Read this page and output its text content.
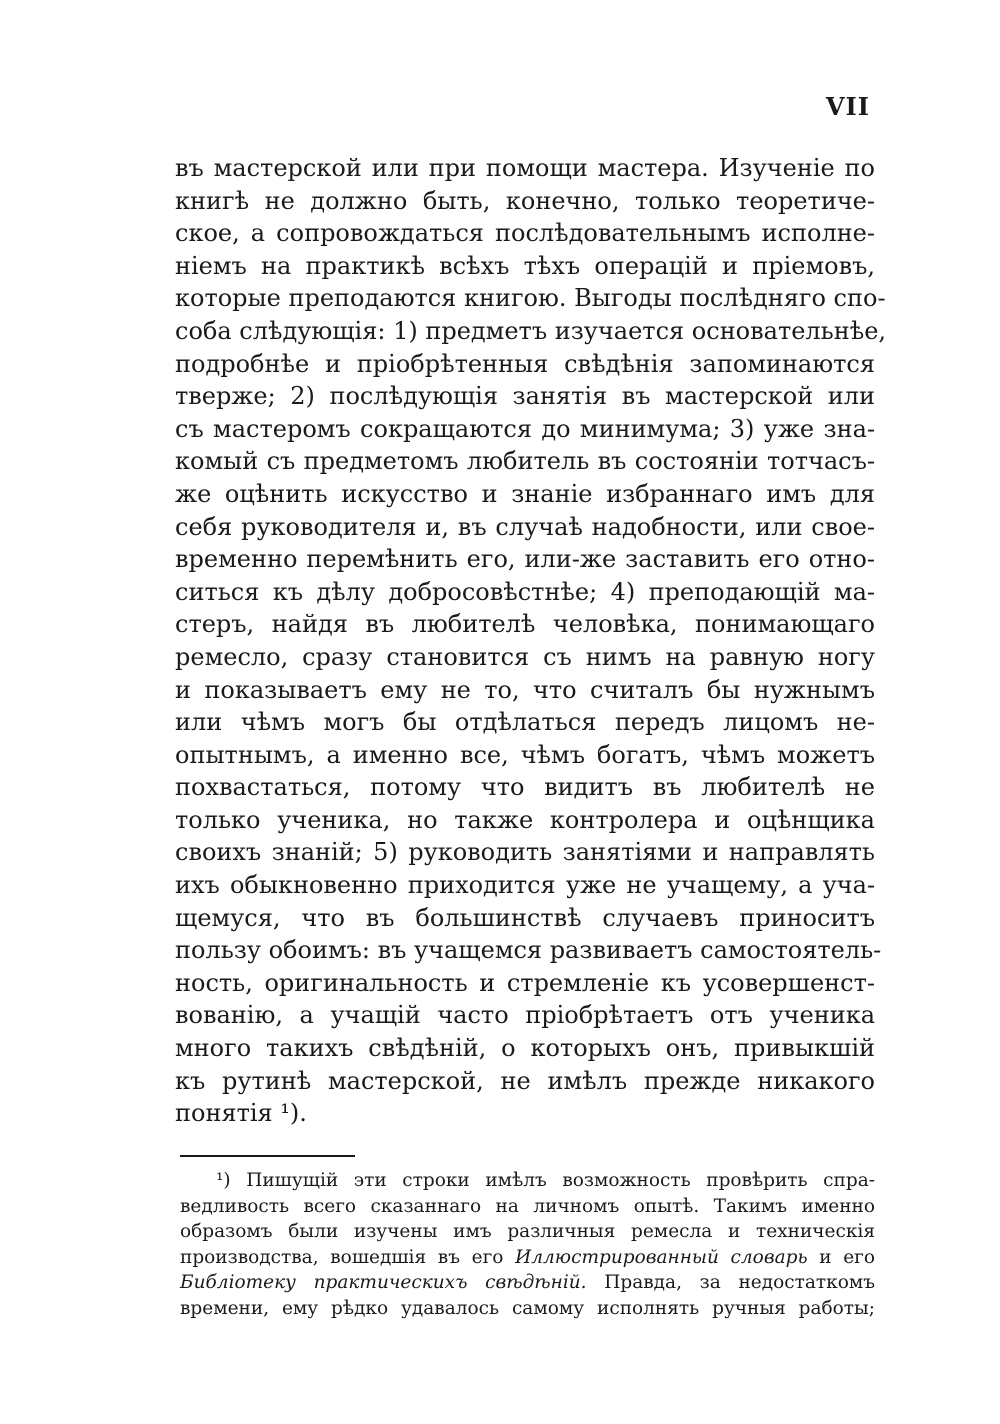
VII
въ мастерской или при помощи мастера. Изученіе по
книгѣ не должно быть, конечно, только теоретиче-
ское, а сопровождаться послѣдовательнымъ исполне-
ніемъ на практикѣ всѣхъ тѣхъ операцій и пріемовъ,
которые преподаются книгою. Выгоды послѣдняго спо-
соба слѣдующія: 1) предметъ изучается основательнѣе,
подробнѣе и пріобрѣтенныя свѣдѣнія запоминаются
тверже; 2) послѣдующія занятія въ мастерской или
съ мастеромъ сокращаются до минимума; 3) уже зна-
комый съ предметомъ любитель въ состояніи тотчасъ-
же оцѣнить искусство и знаніе избраннаго имъ для
себя руководителя и, въ случаѣ надобности, или свое-
временно перемѣнить его, или-же заставить его отно-
ситься къ дѣлу добросовѣстнѣе; 4) преподающій ма-
стеръ, найдя въ любителѣ человѣка, понимающаго
ремесло, сразу становится съ нимъ на равную ногу
и показываетъ ему не то, что считалъ бы нужнымъ
или чѣмъ могъ бы отдѣлаться передъ лицомъ не-
опытнымъ, а именно все, чѣмъ богатъ, чѣмъ можетъ
похвастаться, потому что видитъ въ любителѣ не
только ученика, но также контролера и оцѣнщика
своихъ знаній; 5) руководить занятіями и направлять
ихъ обыкновенно приходится уже не учащему, а уча-
щемуся, что въ большинствѣ случаевъ приноситъ
пользу обоимъ: въ учащемся развиваетъ самостоятель-
ность, оригинальность и стремленіе къ усовершенст-
вованію, а учащій часто пріобрѣтаетъ отъ ученика
много такихъ свѣдѣній, о которыхъ онъ, привыкшій
къ рутинѣ мастерской, не имѣлъ прежде никакого
понятія ¹).
¹) Пишущій эти строки имѣлъ возможность провѣрить спра-
ведливость всего сказаннаго на личномъ опытѣ. Такимъ именно
образомъ были изучены имъ различныя ремесла и техническія
производства, вошедшія въ его Иллюстрированный словарь и его
Библіотеку практическихъ свѣдѣній. Правда, за недостаткомъ
времени, ему рѣдко удавалось самому исполнять ручныя работы;
